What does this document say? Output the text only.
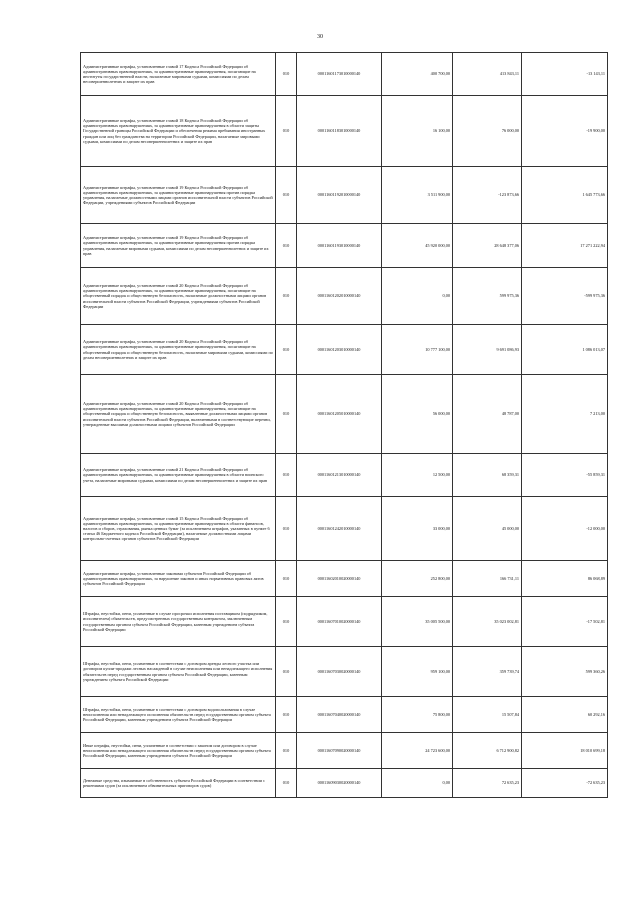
30
Административные штрафы, установленные главой 17 Кодекса Российской Федерации об административных правонарушениях, за административные правонарушения, посягающие на институты государственной власти, налагаемые мировыми судьями, комиссиями по делам несовершеннолетних и защите их прав	010	00011601173010000140	400 700,00	413 843,11	-13 143,11
Административные штрафы, установленные главой 18 Кодекса Российской Федерации об административных правонарушениях, за административные правонарушения в области защиты Государственной границы Российской Федерации и обеспечения режима пребывания иностранных граждан или лиц без гражданства на территории Российской Федерации, налагаемые мировыми судьями, комиссиями по делам несовершеннолетних и защите их прав	010	00011601183010000140	16 100,00	76 000,00	-19 900,00
Административные штрафы, установленные главой 19 Кодекса Российской Федерации об административных правонарушениях, за административные правонарушения против порядка управления, налагаемые должностными лицами органов исполнительной власти субъектов Российской Федерации, учреждениями субъектов Российской Федерации	010	00011601192010000140	3 511 900,00	-123 873,66	1 645 773,66
Административные штрафы, установленные главой 19 Кодекса Российской Федерации об административных правонарушениях, за административные правонарушения против порядка управления, налагаемые мировыми судьями, комиссиями по делам несовершеннолетних и защите их прав	010	00011601193010000140	45 920 000,00	28 648 377,06	17 271 222,94
Административные штрафы, установленные главой 20 Кодекса Российской Федерации об административных правонарушениях, за административные правонарушения, посягающие на общественный порядок и общественную безопасность, налагаемые должностными лицами органов исполнительной власти субъектов Российской Федерации, учреждениями субъектов Российской Федерации	010	00011601202010000140	0,00	599 975,36	-599 975,36
Административные штрафы, установленные главой 20 Кодекса Российской Федерации об административных правонарушениях, за административные правонарушения, посягающие на общественный порядок и общественную безопасность, налагаемые мировыми судьями, комиссиями по делам несовершеннолетних и защите их прав	010	00011601203010000140	10 777 100,00	9 691 086,93	1 086 013,07
Административные штрафы, установленные главой 20 Кодекса Российской Федерации об административных правонарушениях, за административные правонарушения, посягающие на общественный порядок и общественную безопасность, выявленные должностными лицами органов исполнительной власти субъектов Российской Федерации, включенными в соответствующие перечни, утвержденные высшими должностными лицами субъектов Российской Федерации	010	00011601205010000140	56 000,00	48 787,00	7 213,00
Административные штрафы, установленные главой 21 Кодекса Российской Федерации об административных правонарушениях, за административные правонарушения в области воинского учета, налагаемые мировыми судьями, комиссиями по делам несовершеннолетних и защите их прав	010	00011601213010000140	12 500,00	68 359,31	-55 859,31
Административные штрафы, установленные главой 15 Кодекса Российской Федерации об административных правонарушениях, за административные правонарушения в области финансов, налогов и сборов, страхования, рынка ценных бумаг (за исключением штрафов, указанных в пункте 6 статьи 46 Бюджетного кодекса Российской Федерации), налагаемые должностными лицами контрольно-счетных органов субъектов Российской Федерации	010	00011601242010000140	33 000,00	45 000,00	-12 000,00
Административные штрафы, установленные законами субъектов Российской Федерации об административных правонарушениях, за нарушение законов и иных нормативных правовых актов субъектов Российской Федерации	010	00011602010020000140	252 800,00	166 731,11	86 068,89
Штрафы, неустойки, пени, уплаченные в случае просрочки исполнения поставщиком (подрядчиком, исполнителем) обязательств, предусмотренных государственным контрактом, заключенным государственным органом субъекта Российской Федерации, казенным учреждением субъекта Российской Федерации	010	00011607010020000140	35 005 500,00	35 023 002,81	-17 502,81
Штрафы, неустойки, пени, уплаченные в соответствии с договором аренды лесного участка или договором купли-продажи лесных насаждений в случае неисполнения или ненадлежащего исполнения обязательств перед государственным органом субъекта Российской Федерации, казенным учреждением субъекта Российской Федерации	010	00011607030020000140	959 100,00	359 739,74	599 360,26
Штрафы, неустойки, пени, уплаченные в соответствии с договором водопользования в случае неисполнения или ненадлежащего исполнения обязательств перед государственным органом субъекта Российской Федерации, казенным учреждением субъекта Российской Федерации	010	00011607040020000140	75 800,00	15 507,84	60 292,16
Иные штрафы, неустойки, пени, уплаченные в соответствии с законом или договором в случае неисполнения или ненадлежащего исполнения обязательств перед государственным органом субъекта Российской Федерации, казенным учреждением субъекта Российской Федерации	010	00011607090020000140	24 723 600,00	6 712 900,82	18 010 699,18
Денежные средства, изымаемые в собственность субъекта Российской Федерации в соответствии с решениями судов (за исключением обвинительных приговоров судов)	010	00011609030020000140	0,00	72 635,23	-72 635,23
